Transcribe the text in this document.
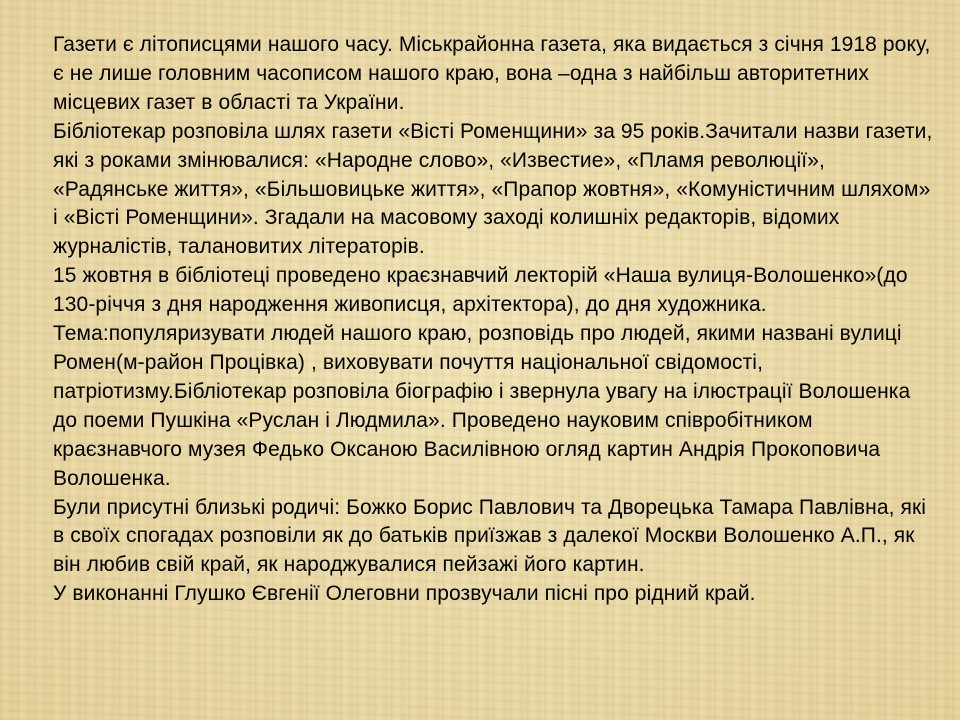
Газети є літописцями нашого часу. Міськрайонна газета, яка видається з січня 1918 року, є не лише головним часописом нашого краю, вона –одна з найбільш авторитетних місцевих газет в області та України.

Бібліотекар розповіла шлях газети «Вісті Роменщини» за 95 років.Зачитали назви газети, які з роками змінювалися: «Народне слово», «Известие», «Пламя революції», «Радянське життя», «Більшовицьке життя», «Прапор жовтня», «Комуністичним шляхом» і «Вісті Роменщини». Згадали на масовому заході колишніх редакторів, відомих журналістів, талановитих літераторів.

15 жовтня в бібліотеці проведено краєзнавчий лекторій «Наша вулиця-Волошенко»(до 130-річчя з дня народження живописця, архітектора), до дня художника.

Тема:популяризувати людей нашого краю, розповідь про людей, якими названі вулиці Ромен(м-район Процівка) , виховувати почуття національної свідомості, патріотизму.Бібліотекар розповіла біографію і звернула увагу на ілюстрації Волошенка до поеми Пушкіна «Руслан і Людмила». Проведено науковим співробітником краєзнавчого музея Федько Оксаною Василівною огляд картин Андрія Прокоповича Волошенка.

Були присутні близькі родичі: Божко Борис Павлович та Дворецька Тамара Павлівна, які в своїх спогадах розповіли як до батьків приїзжав з далекої Москви Волошенко А.П., як він любив свій край, як народжувалися пейзажі його картин.

У виконанні Глушко Євгенії Олеговни прозвучали пісні про рідний край.
